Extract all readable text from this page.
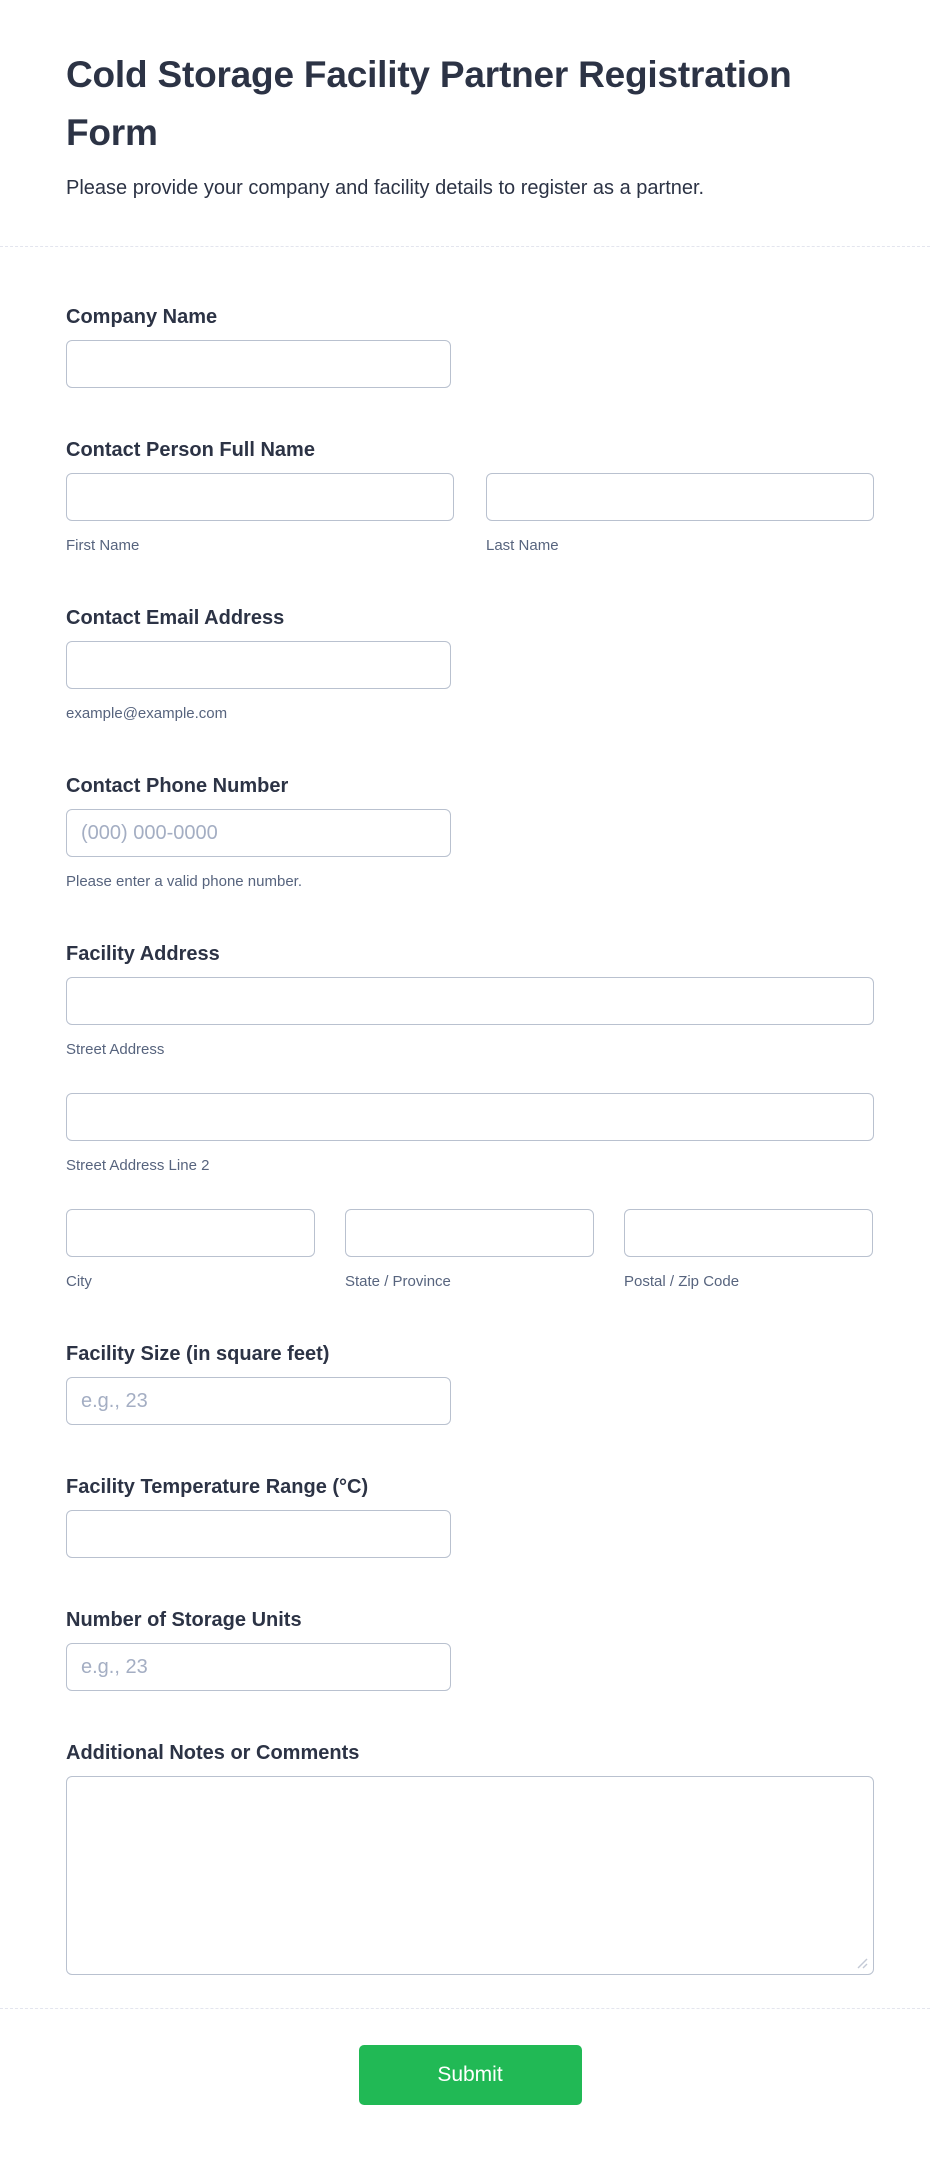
Cold Storage Facility Partner Registration Form

Please provide your company and facility details to register as a partner.

Company Name
Contact Person Full Name
First Name	Last Name
Contact Email Address
example@example.com
Contact Phone Number
(000) 000-0000
Please enter a valid phone number.
Facility Address
Street Address
Street Address Line 2
City	State / Province	Postal / Zip Code
Facility Size (in square feet)
e.g., 23
Facility Temperature Range (°C)
Number of Storage Units
e.g., 23
Additional Notes or Comments
Submit
